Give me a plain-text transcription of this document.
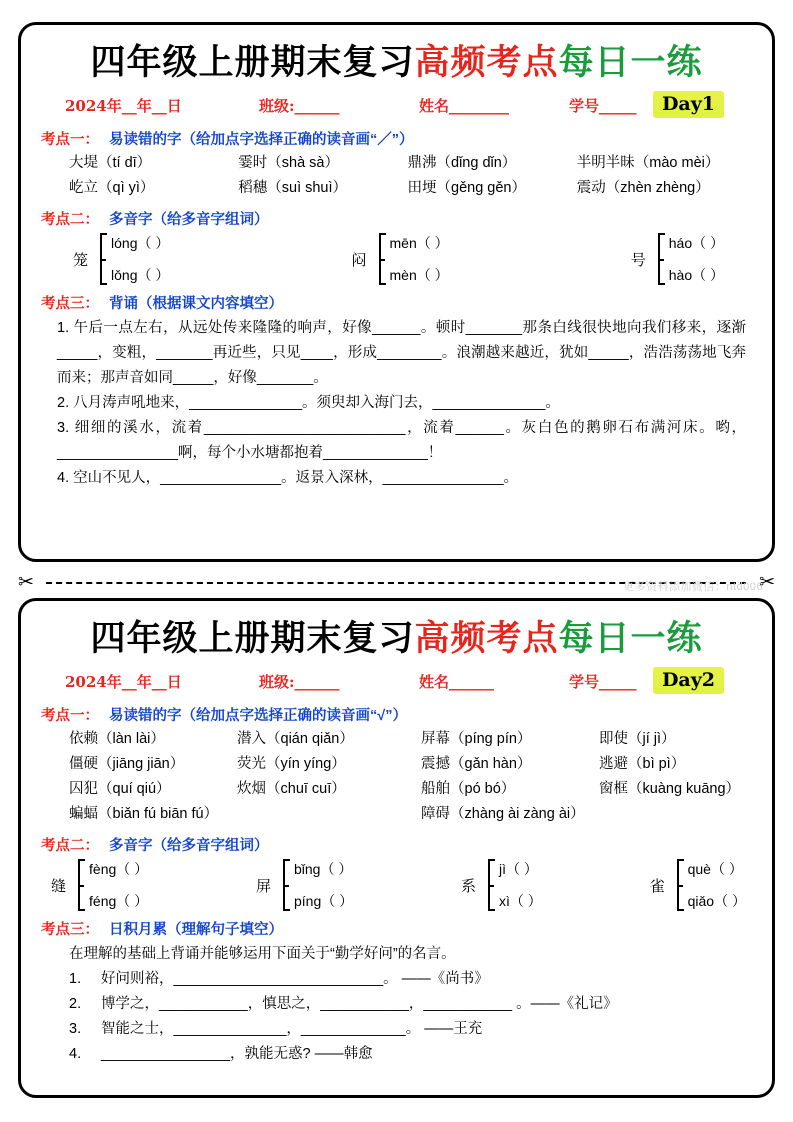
四年级上册期末复习高频考点每日一练
2024年__年__日	班级:______	姓名________	学号_____	Day1
考点一： 易读错的字（给加点字选择正确的读音画“／”）
大堤（tí dī）	霎时（shà sà）	鼎沸（dǐng dǐn）	半明半昧（mào mèi）
屹立（qì yì）	稻穗（suì shuì）	田埂（gěng gěn）	震动（zhèn zhèng）
考点二： 多音字（给多音字组词）
笼
lóng（ ）
lǒng（ ）
闷
mēn（ ）
mèn（ ）
号
háo（ ）
hào（ ）
考点三： 背诵（根据课文内容填空）

1. 午后一点左右，从远处传来隆隆的响声，好像______。顿时_______那条白线很快地向我们移来，逐渐_____，变粗，_______再近些，只见____，形成________。浪潮越来越近，犹如_____，浩浩荡荡地飞奔而来；那声音如同_____，好像_______。

2. 八月涛声吼地来，______________。须臾却入海门去，______________。

3. 细细的溪水，流着_________________________，流着______。灰白色的鹅卵石布满河床。哟，_______________啊，每个小水塘都抱着_____________！

4. 空山不见人，_______________。返景入深林，_______________。

✂	✂
更多资料添加微信：ntd006
四年级上册期末复习高频考点每日一练
2024年__年__日	班级:______	姓名______	学号_____	Day2
考点一： 易读错的字（给加点字选择正确的读音画“√”）
依赖（làn lài）	潜入（qián qiǎn）	屏幕（píng pín）	即使（jí jì）
僵硬（jiāng jiān）	荧光（yín yíng）	震撼（gǎn hàn）	逃避（bì pì）
囚犯（quí qiú）	炊烟（chuī cuī）	船舶（pó bó）	窗框（kuàng kuāng）
蝙蝠（biǎn fú biān fú）	障碍（zhàng ài zàng ài）
考点二： 多音字（给多音字组词）
缝
fèng（ ）
féng（ ）
屏
bǐng（ ）
píng（ ）
系
jì（ ）
xì（ ）
雀
què（ ）
qiǎo（ ）
考点三： 日积月累（理解句子填空）

在理解的基础上背诵并能够运用下面关于“勤学好问”的名言。

1.	好问则裕，__________________________。 ——《尚书》
2.	博学之，___________，慎思之，___________，___________ 。——《礼记》
3.	智能之士，______________，_____________。 ——王充
4.	________________，孰能无惑? ——韩愈
